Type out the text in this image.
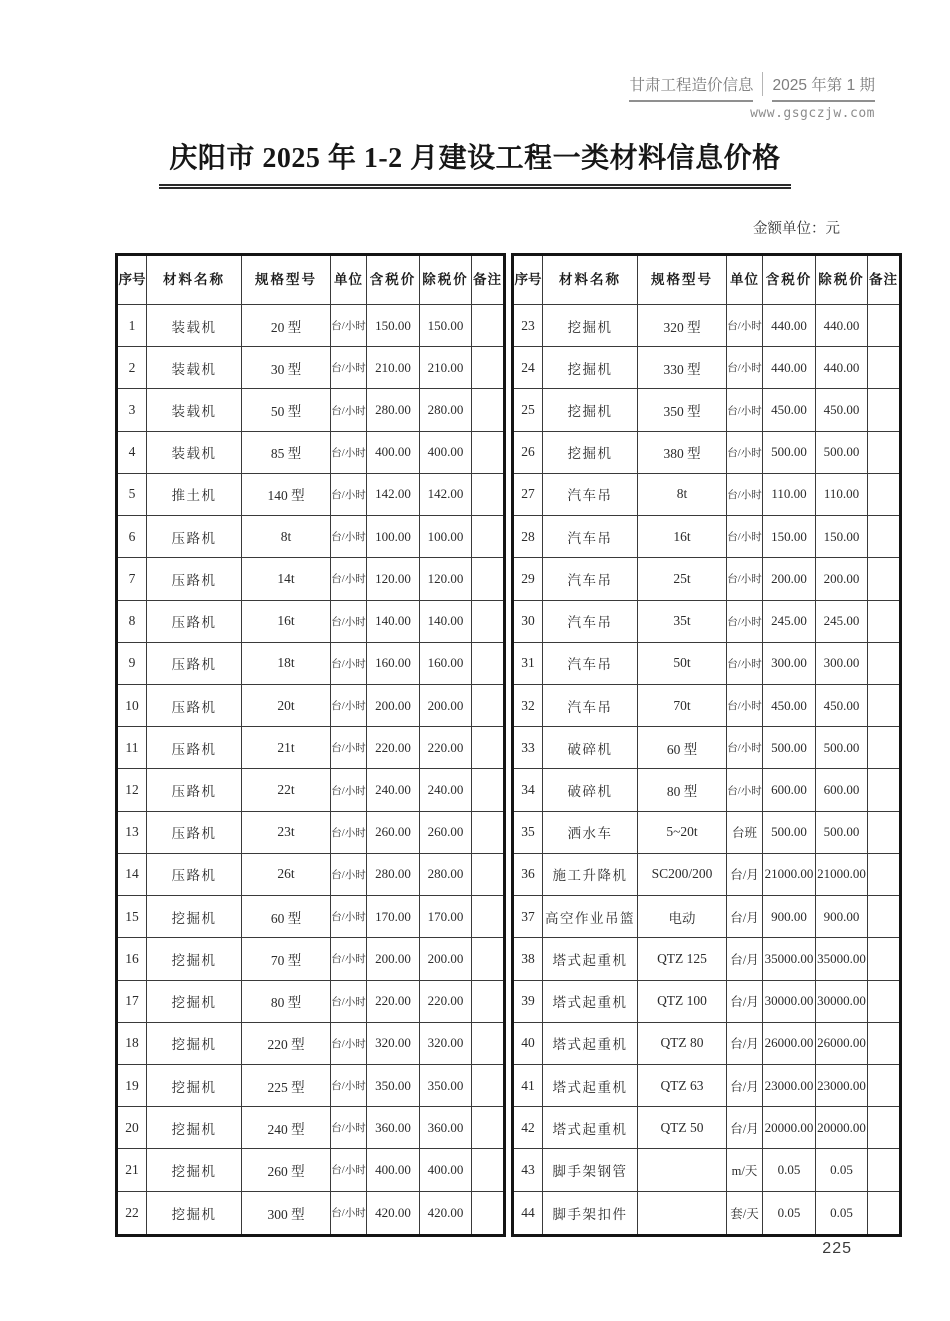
甘肃工程造价信息 2025 年第 1 期
www.gsgczjw.com
庆阳市 2025 年 1-2 月建设工程一类材料信息价格
金额单位：元
序号	材料名称	规格型号	单位	含税价	除税价	备注
1	装载机	20 型	台/小时	150.00	150.00	
2	装载机	30 型	台/小时	210.00	210.00	
3	装载机	50 型	台/小时	280.00	280.00	
4	装载机	85 型	台/小时	400.00	400.00	
5	推土机	140 型	台/小时	142.00	142.00	
6	压路机	8t	台/小时	100.00	100.00	
7	压路机	14t	台/小时	120.00	120.00	
8	压路机	16t	台/小时	140.00	140.00	
9	压路机	18t	台/小时	160.00	160.00	
10	压路机	20t	台/小时	200.00	200.00	
11	压路机	21t	台/小时	220.00	220.00	
12	压路机	22t	台/小时	240.00	240.00	
13	压路机	23t	台/小时	260.00	260.00	
14	压路机	26t	台/小时	280.00	280.00	
15	挖掘机	60 型	台/小时	170.00	170.00	
16	挖掘机	70 型	台/小时	200.00	200.00	
17	挖掘机	80 型	台/小时	220.00	220.00	
18	挖掘机	220 型	台/小时	320.00	320.00	
19	挖掘机	225 型	台/小时	350.00	350.00	
20	挖掘机	240 型	台/小时	360.00	360.00	
21	挖掘机	260 型	台/小时	400.00	400.00	
22	挖掘机	300 型	台/小时	420.00	420.00	
序号	材料名称	规格型号	单位	含税价	除税价	备注
23	挖掘机	320 型	台/小时	440.00	440.00	
24	挖掘机	330 型	台/小时	440.00	440.00	
25	挖掘机	350 型	台/小时	450.00	450.00	
26	挖掘机	380 型	台/小时	500.00	500.00	
27	汽车吊	8t	台/小时	110.00	110.00	
28	汽车吊	16t	台/小时	150.00	150.00	
29	汽车吊	25t	台/小时	200.00	200.00	
30	汽车吊	35t	台/小时	245.00	245.00	
31	汽车吊	50t	台/小时	300.00	300.00	
32	汽车吊	70t	台/小时	450.00	450.00	
33	破碎机	60 型	台/小时	500.00	500.00	
34	破碎机	80 型	台/小时	600.00	600.00	
35	洒水车	5~20t	台班	500.00	500.00	
36	施工升降机	SC200/200	台/月	21000.00	21000.00	
37	高空作业吊篮	电动	台/月	900.00	900.00	
38	塔式起重机	QTZ 125	台/月	35000.00	35000.00	
39	塔式起重机	QTZ 100	台/月	30000.00	30000.00	
40	塔式起重机	QTZ 80	台/月	26000.00	26000.00	
41	塔式起重机	QTZ 63	台/月	23000.00	23000.00	
42	塔式起重机	QTZ 50	台/月	20000.00	20000.00	
43	脚手架钢管		m/天	0.05	0.05	
44	脚手架扣件		套/天	0.05	0.05	
225
